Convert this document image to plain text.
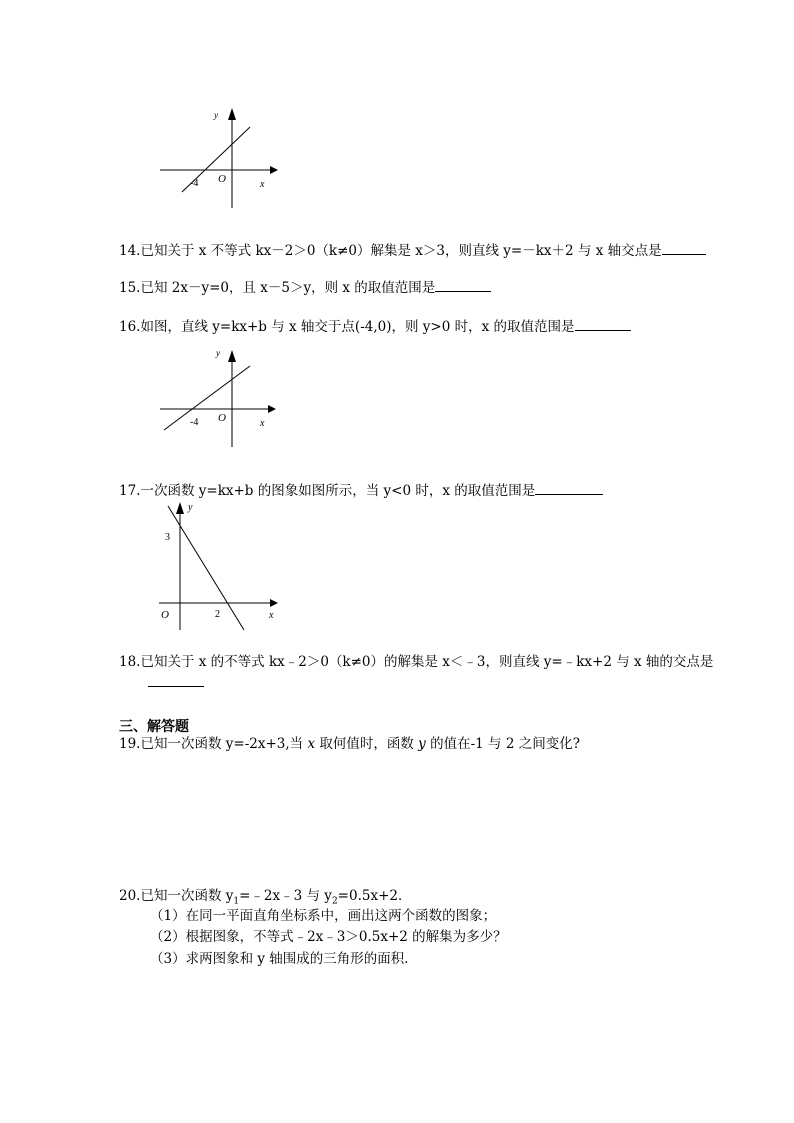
y
x
O
-4
14.已知关于 x 不等式 kx－2＞0（k≠0）解集是 x＞3，则直线 y=－kx＋2 与 x 轴交点是
15.已知 2x－y=0，且 x－5＞y，则 x 的取值范围是
16.如图，直线 y=kx+b 与 x 轴交于点(-4,0)，则 y>0 时，x 的取值范围是
y
x
O
-4
17.一次函数 y=kx+b 的图象如图所示，当 y<0 时，x 的取值范围是
y
x
O
3
2
18.已知关于 x 的不等式 kx﹣2＞0（k≠0）的解集是 x＜﹣3，则直线 y=﹣kx+2 与 x 轴的交点是
三、解答题
19.已知一次函数 y=-2x+3,当 x 取何值时，函数 y 的值在-1 与 2 之间变化?
20.已知一次函数 $y_1=﹣2x﹣3$ 与 $y_2=0.5x+2$．
（1）在同一平面直角坐标系中，画出这两个函数的图象；
（2）根据图象，不等式﹣2x﹣3＞0.5x+2 的解集为多少？
（3）求两图象和 y 轴围成的三角形的面积．
